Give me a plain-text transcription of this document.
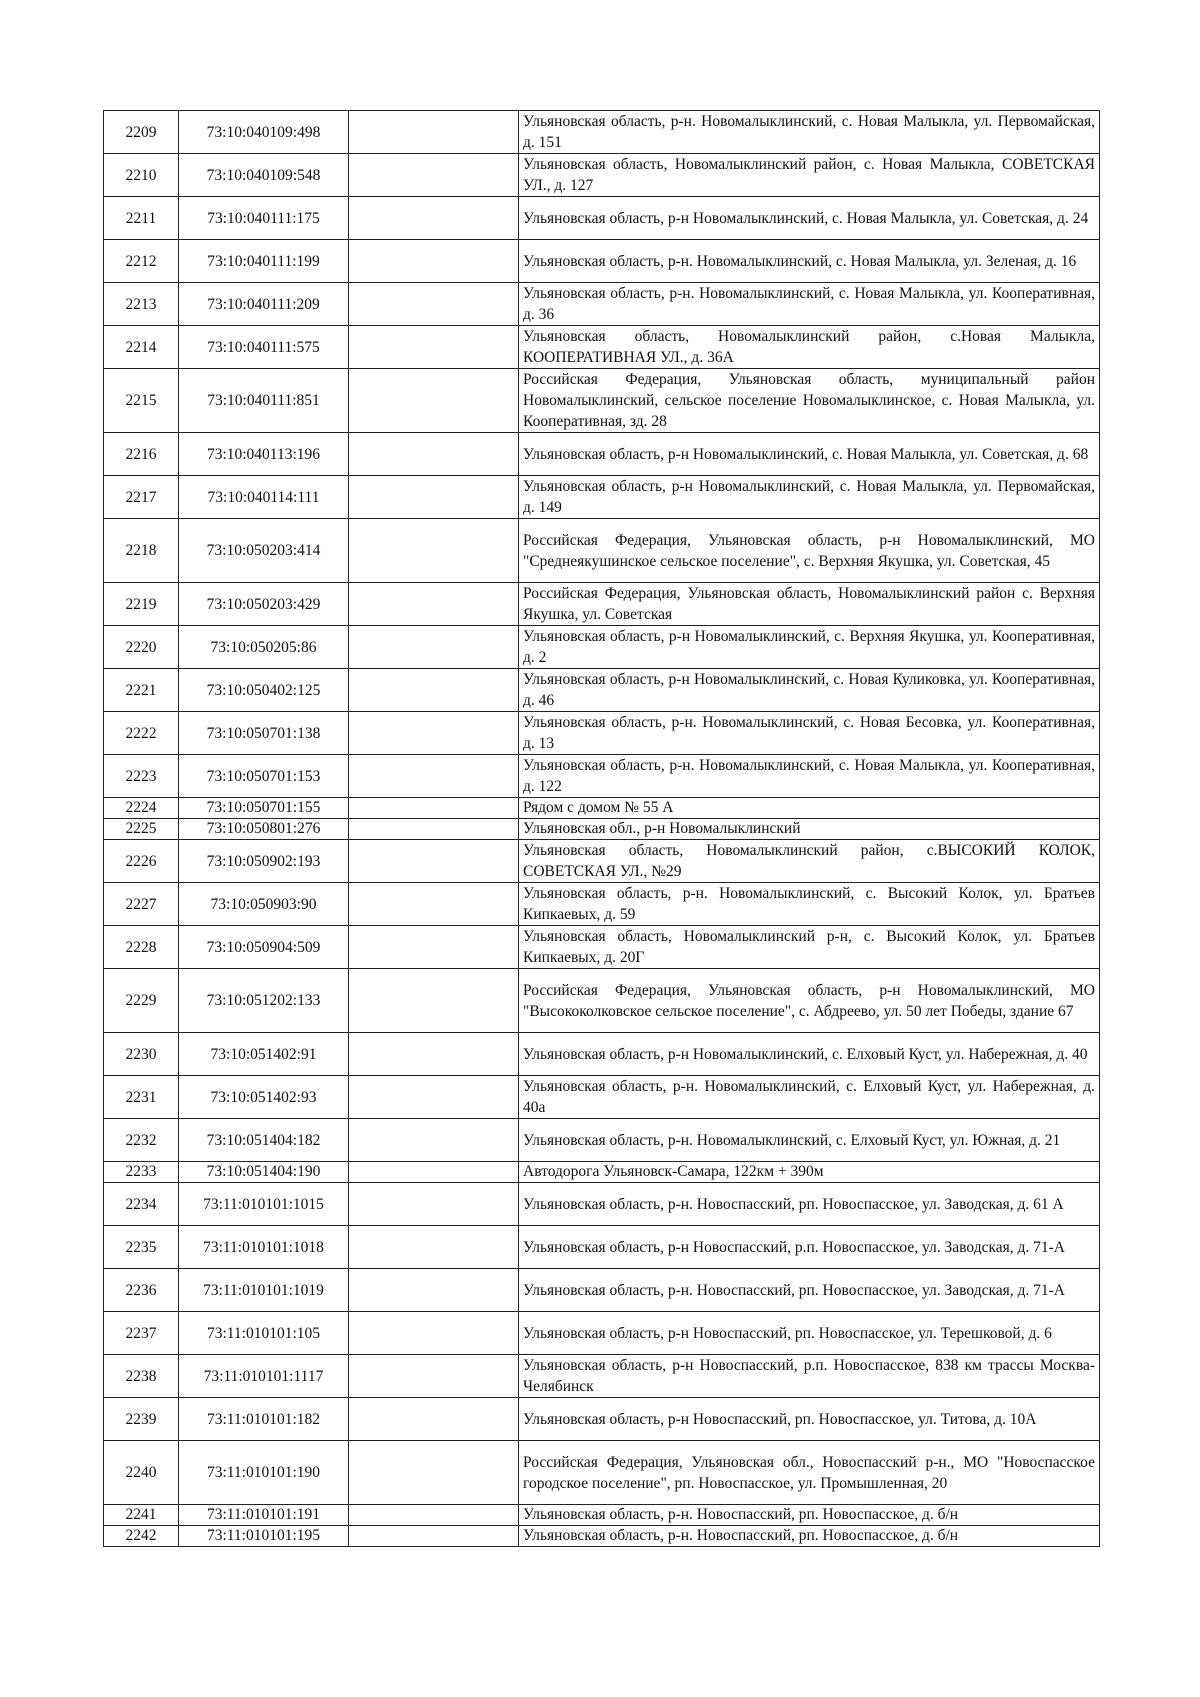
2209	73:10:040109:498		Ульяновская область, р-н. Новомалыклинский, с. Новая Малыкла, ул. Первомайская, д. 151
2210	73:10:040109:548		Ульяновская область, Новомалыклинский район, с. Новая Малыкла, СОВЕТСКАЯ УЛ., д. 127
2211	73:10:040111:175		Ульяновская область, р-н Новомалыклинский, с. Новая Малыкла, ул. Советская, д. 24
2212	73:10:040111:199		Ульяновская область, р-н. Новомалыклинский, с. Новая Малыкла, ул. Зеленая, д. 16
2213	73:10:040111:209		Ульяновская область, р-н. Новомалыклинский, с. Новая Малыкла, ул. Кооперативная, д. 36
2214	73:10:040111:575		Ульяновская область, Новомалыклинский район, с.Новая Малыкла, КООПЕРАТИВНАЯ УЛ., д. 36А
2215	73:10:040111:851		Российская Федерация, Ульяновская область, муниципальный район Новомалыклинский, сельское поселение Новомалыклинское, с. Новая Малыкла, ул. Кооперативная, зд. 28
2216	73:10:040113:196		Ульяновская область, р-н Новомалыклинский, с. Новая Малыкла, ул. Советская, д. 68
2217	73:10:040114:111		Ульяновская область, р-н Новомалыклинский, с. Новая Малыкла, ул. Первомайская, д. 149
2218	73:10:050203:414		Российская Федерация, Ульяновская область, р-н Новомалыклинский, МО "Среднеякушинское сельское поселение", с. Верхняя Якушка, ул. Советская, 45
2219	73:10:050203:429		Российская Федерация, Ульяновская область, Новомалыклинский район с. Верхняя Якушка, ул. Советская
2220	73:10:050205:86		Ульяновская область, р-н Новомалыклинский, с. Верхняя Якушка, ул. Кооперативная, д. 2
2221	73:10:050402:125		Ульяновская область, р-н Новомалыклинский, с. Новая Куликовка, ул. Кооперативная, д. 46
2222	73:10:050701:138		Ульяновская область, р-н. Новомалыклинский, с. Новая Бесовка, ул. Кооперативная, д. 13
2223	73:10:050701:153		Ульяновская область, р-н. Новомалыклинский, с. Новая Малыкла, ул. Кооперативная, д. 122
2224	73:10:050701:155		Рядом с домом № 55 А
2225	73:10:050801:276		Ульяновская обл., р-н Новомалыклинский
2226	73:10:050902:193		Ульяновская область, Новомалыклинский район, с.ВЫСОКИЙ КОЛОК, СОВЕТСКАЯ УЛ., №29
2227	73:10:050903:90		Ульяновская область, р-н. Новомалыклинский, с. Высокий Колок, ул. Братьев Кипкаевых, д. 59
2228	73:10:050904:509		Ульяновская область, Новомалыклинский р-н, с. Высокий Колок, ул. Братьев Кипкаевых, д. 20Г
2229	73:10:051202:133		Российская Федерация, Ульяновская область, р-н Новомалыклинский, МО "Высококолковское сельское поселение", с. Абдреево, ул. 50 лет Победы, здание 67
2230	73:10:051402:91		Ульяновская область, р-н Новомалыклинский, с. Елховый Куст, ул. Набережная, д. 40
2231	73:10:051402:93		Ульяновская область, р-н. Новомалыклинский, с. Елховый Куст, ул. Набережная, д. 40а
2232	73:10:051404:182		Ульяновская область, р-н. Новомалыклинский, с. Елховый Куст, ул. Южная, д. 21
2233	73:10:051404:190		Автодорога Ульяновск-Самара, 122км + 390м
2234	73:11:010101:1015		Ульяновская область, р-н. Новоспасский, рп. Новоспасское, ул. Заводская, д. 61 А
2235	73:11:010101:1018		Ульяновская область, р-н Новоспасский, р.п. Новоспасское, ул. Заводская, д. 71-А
2236	73:11:010101:1019		Ульяновская область, р-н. Новоспасский, рп. Новоспасское, ул. Заводская, д. 71-А
2237	73:11:010101:105		Ульяновская область, р-н Новоспасский, рп. Новоспасское, ул. Терешковой, д. 6
2238	73:11:010101:1117		Ульяновская область, р-н Новоспасский, р.п. Новоспасское, 838 км трассы Москва-Челябинск
2239	73:11:010101:182		Ульяновская область, р-н Новоспасский, рп. Новоспасское, ул. Титова, д. 10А
2240	73:11:010101:190		Российская Федерация, Ульяновская обл., Новоспасский р-н., МО "Новоспасское городское поселение", рп. Новоспасское, ул. Промышленная, 20
2241	73:11:010101:191		Ульяновская область, р-н. Новоспасский, рп. Новоспасское, д. б/н
2242	73:11:010101:195		Ульяновская область, р-н. Новоспасский, рп. Новоспасское, д. б/н
